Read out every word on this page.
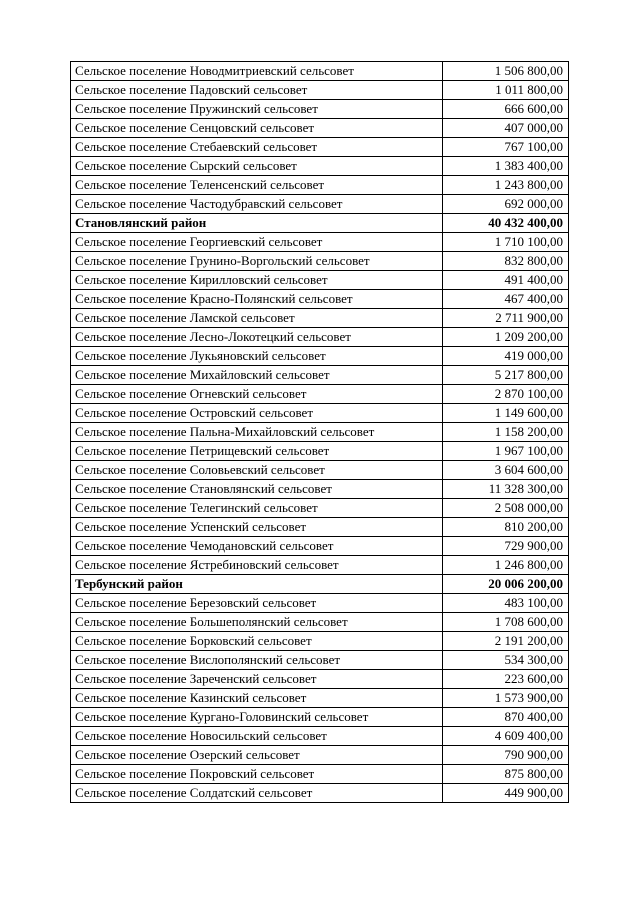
Сельское поселение Новодмитриевский сельсовет	1 506 800,00
Сельское поселение Падовский сельсовет	1 011 800,00
Сельское поселение Пружинский сельсовет	666 600,00
Сельское поселение Сенцовский сельсовет	407 000,00
Сельское поселение Стебаевский сельсовет	767 100,00
Сельское поселение Сырский сельсовет	1 383 400,00
Сельское поселение Теленсенский сельсовет	1 243 800,00
Сельское поселение Частодубравский сельсовет	692 000,00
Становлянский район	40 432 400,00
Сельское поселение Георгиевский сельсовет	1 710 100,00
Сельское поселение Грунино-Воргольский сельсовет	832 800,00
Сельское поселение Кирилловский сельсовет	491 400,00
Сельское поселение Красно-Полянский сельсовет	467 400,00
Сельское поселение Ламской сельсовет	2 711 900,00
Сельское поселение Лесно-Локотецкий сельсовет	1 209 200,00
Сельское поселение Лукьяновский сельсовет	419 000,00
Сельское поселение Михайловский сельсовет	5 217 800,00
Сельское поселение Огневский сельсовет	2 870 100,00
Сельское поселение Островский сельсовет	1 149 600,00
Сельское поселение Пальна-Михайловский сельсовет	1 158 200,00
Сельское поселение Петрищевский сельсовет	1 967 100,00
Сельское поселение Соловьевский сельсовет	3 604 600,00
Сельское поселение Становлянский сельсовет	11 328 300,00
Сельское поселение Телегинский сельсовет	2 508 000,00
Сельское поселение Успенский сельсовет	810 200,00
Сельское поселение Чемодановский сельсовет	729 900,00
Сельское поселение Ястребиновский сельсовет	1 246 800,00
Тербунский район	20 006 200,00
Сельское поселение Березовский сельсовет	483 100,00
Сельское поселение Большеполянский сельсовет	1 708 600,00
Сельское поселение Борковский сельсовет	2 191 200,00
Сельское поселение Вислополянский сельсовет	534 300,00
Сельское поселение Зареченский сельсовет	223 600,00
Сельское поселение Казинский сельсовет	1 573 900,00
Сельское поселение Кургано-Головинский сельсовет	870 400,00
Сельское поселение Новосильский сельсовет	4 609 400,00
Сельское поселение Озерский сельсовет	790 900,00
Сельское поселение Покровский сельсовет	875 800,00
Сельское поселение Солдатский сельсовет	449 900,00
